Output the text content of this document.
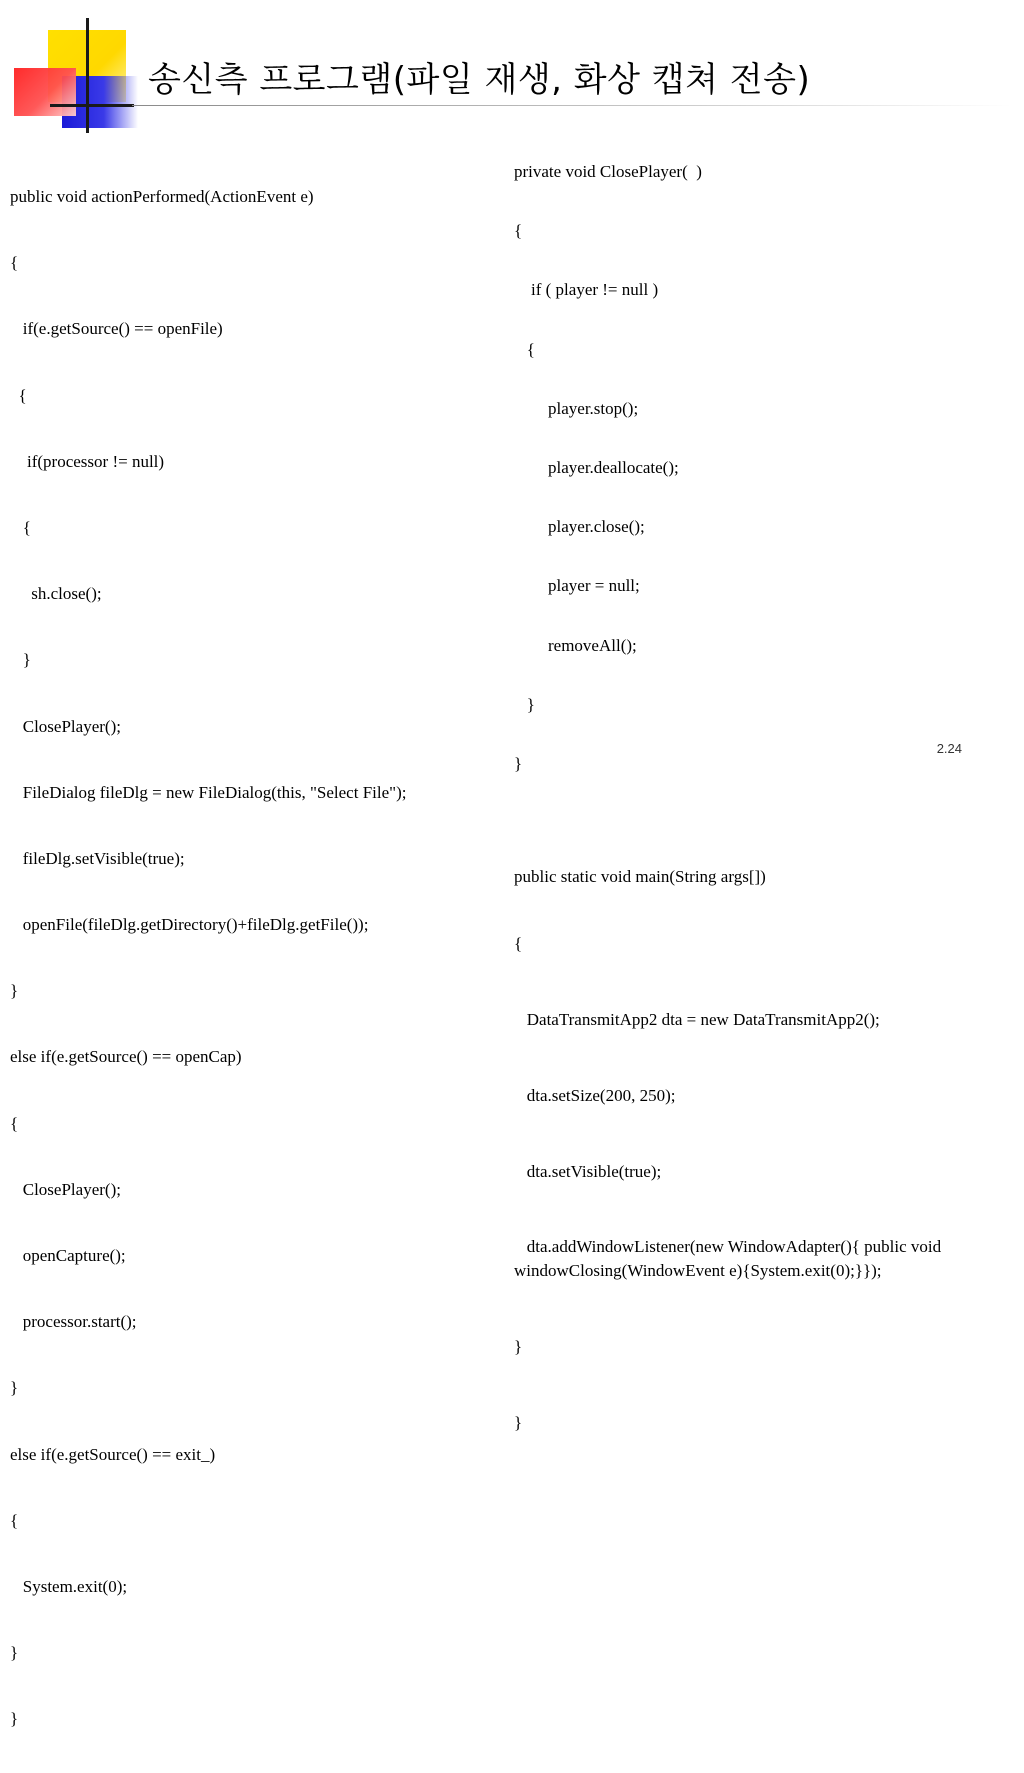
송신측 프로그램(파일 재생, 화상 캡쳐 전송)

public void actionPerformed(ActionEvent e)

{

if(e.getSource() == openFile)

{

if(processor != null)

{

sh.close();

}

ClosePlayer();

FileDialog fileDlg = new FileDialog(this, "Select File");

fileDlg.setVisible(true);

openFile(fileDlg.getDirectory()+fileDlg.getFile());

}

else if(e.getSource() == openCap)

{

ClosePlayer();

openCapture();

processor.start();

}

else if(e.getSource() == exit_)

{

System.exit(0);

}

}

private void ClosePlayer(  )

{

if ( player != null )

{

player.stop();

player.deallocate();

player.close();

player = null;

removeAll();

}

}

public static void main(String args[])

{

DataTransmitApp2 dta = new DataTransmitApp2();

dta.setSize(200, 250);

dta.setVisible(true);

dta.addWindowListener(new WindowAdapter(){ public void windowClosing(WindowEvent e){System.exit(0);}});

}

}

2.24
